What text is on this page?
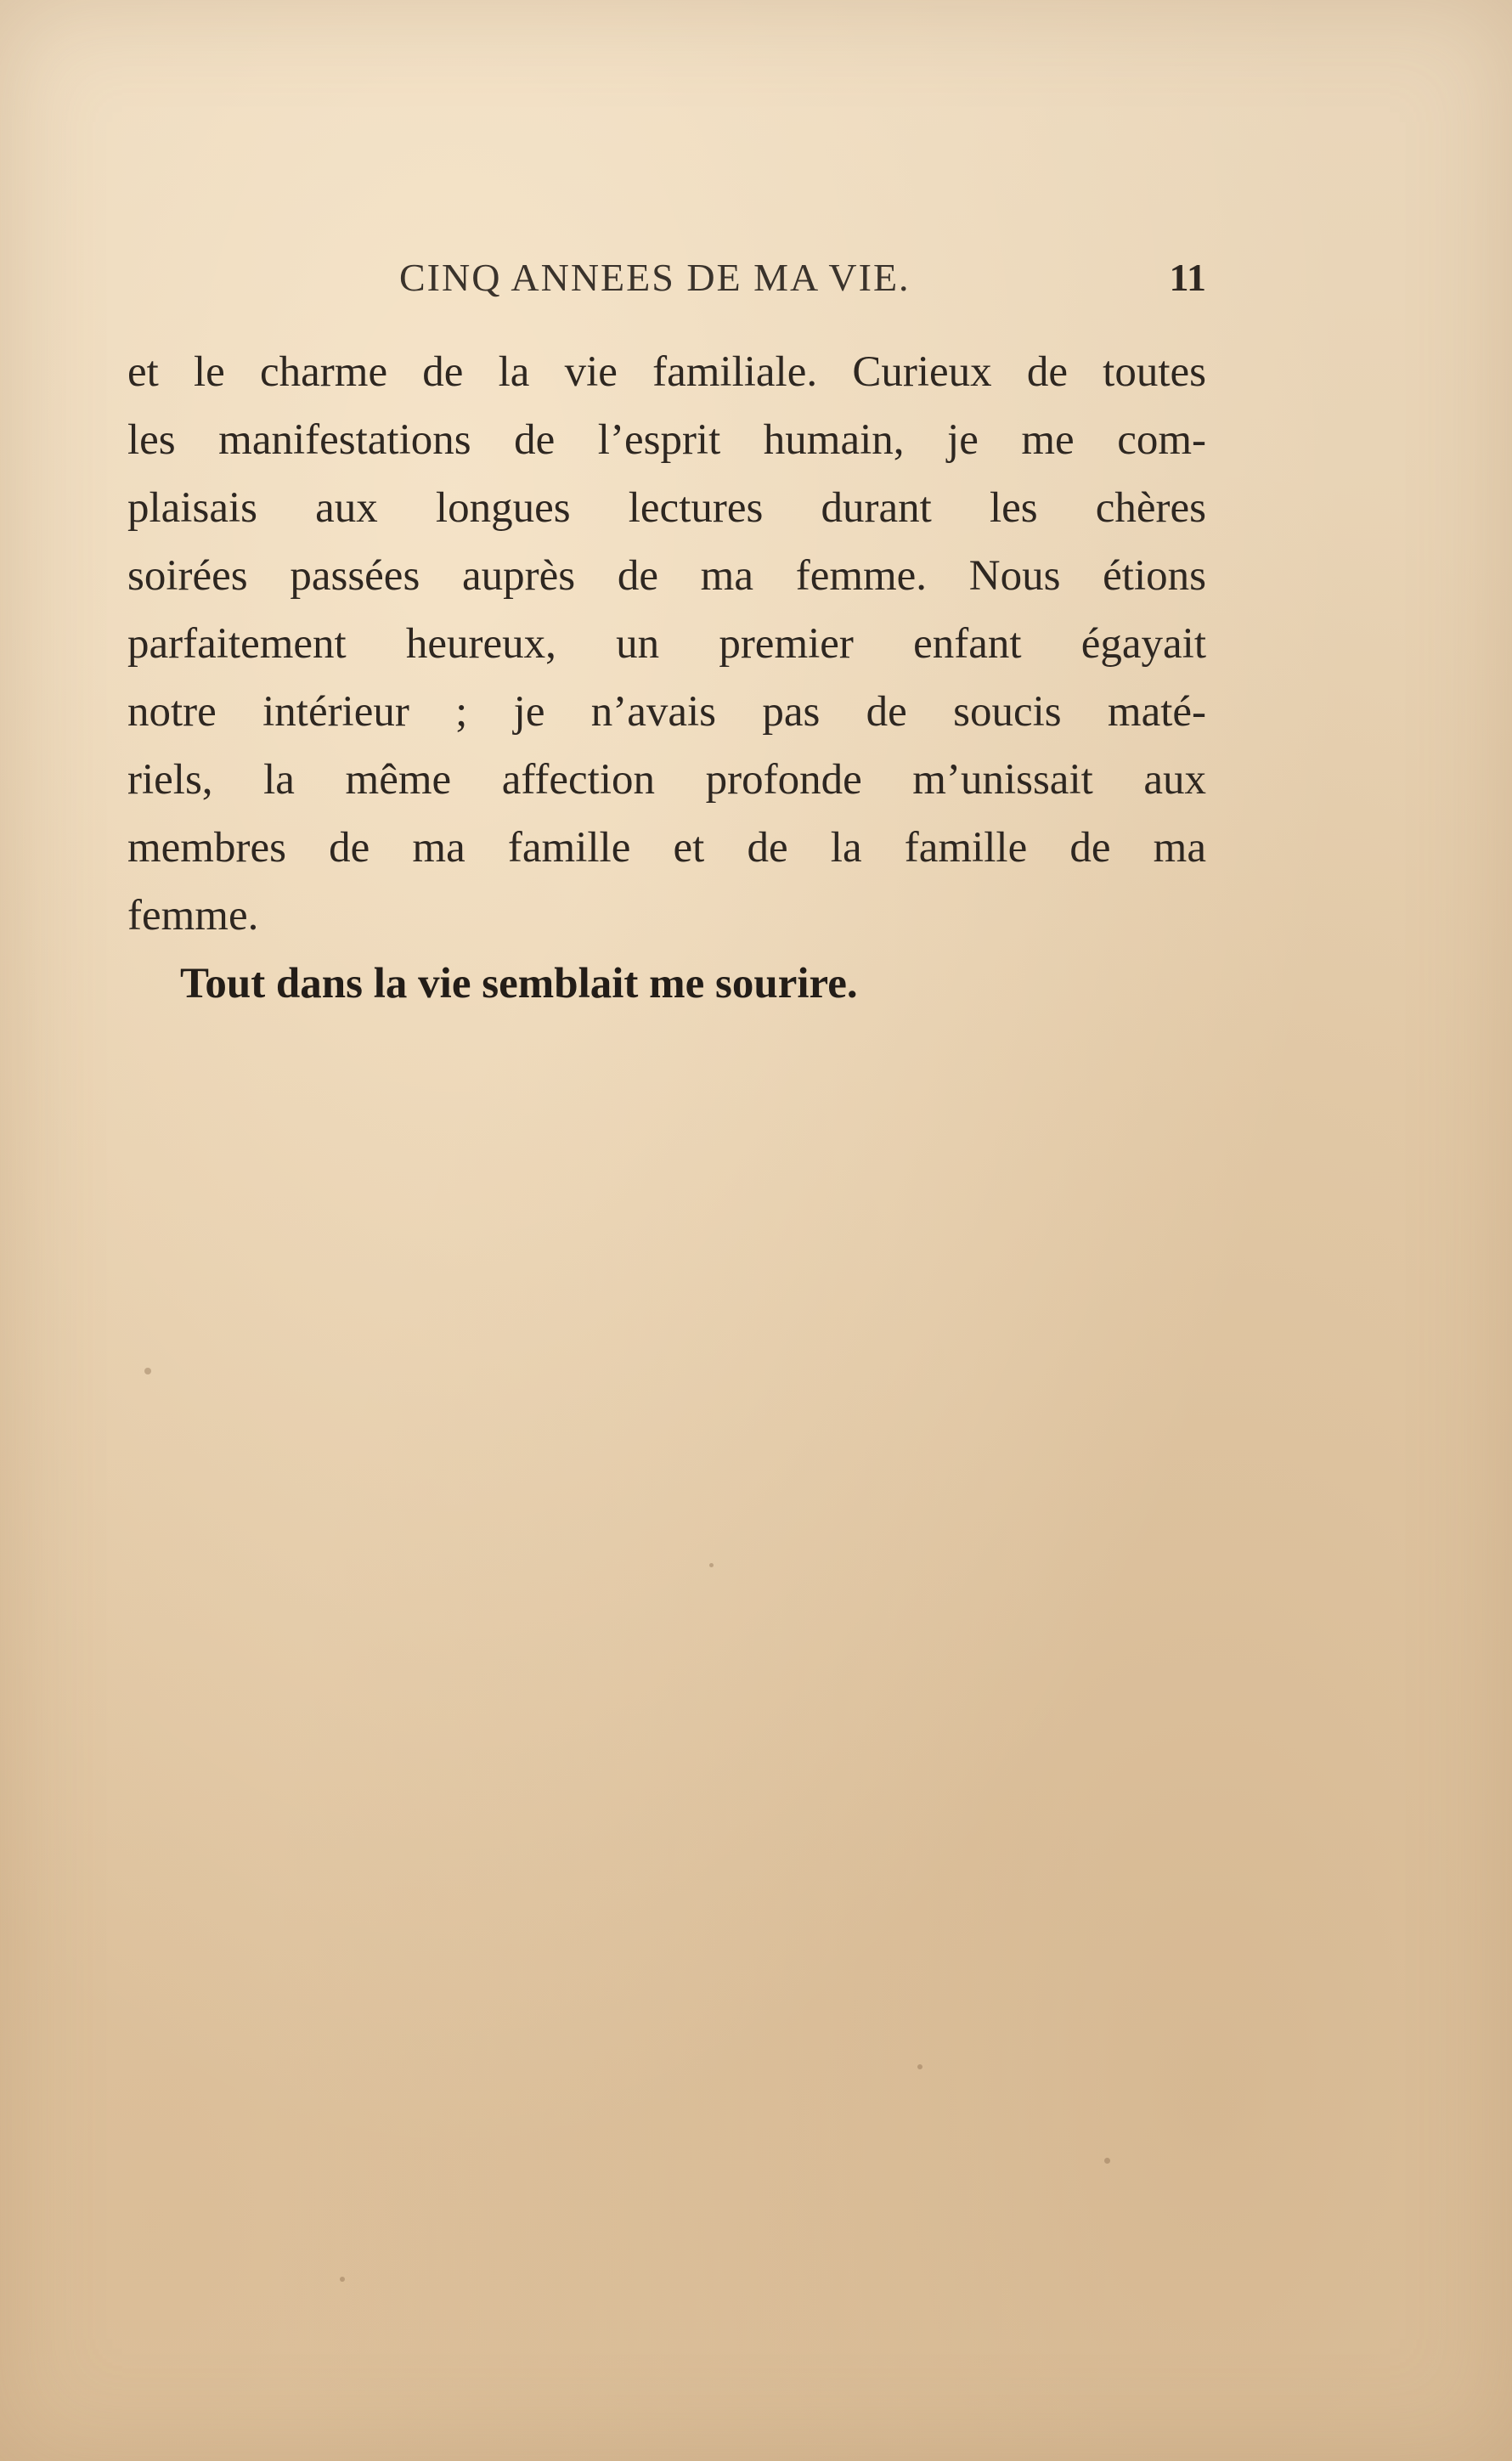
CINQ ANNEES DE MA VIE.	11
et le charme de la vie familiale. Curieux de toutes
les manifestations de l’esprit humain, je me com-
plaisais aux longues lectures durant les chères
soirées passées auprès de ma femme. Nous étions
parfaitement heureux, un premier enfant égayait
notre intérieur ; je n’avais pas de soucis maté-
riels, la même affection profonde m’unissait aux
membres de ma famille et de la famille de ma
femme.
Tout dans la vie semblait me sourire.
